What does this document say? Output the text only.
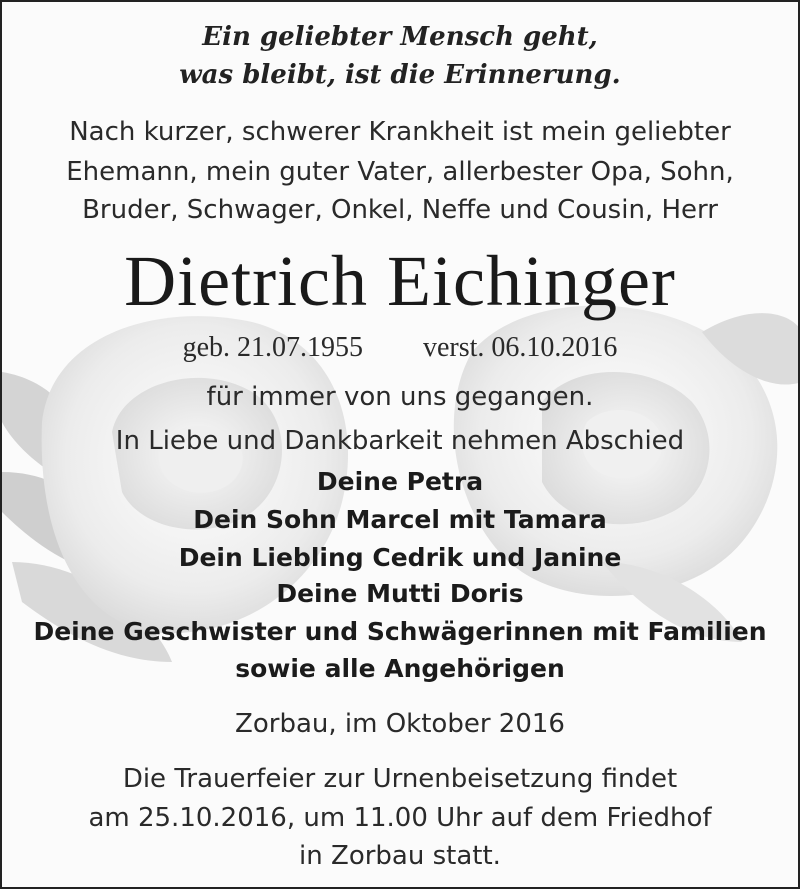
Ein geliebter Mensch geht,
was bleibt, ist die Erinnerung.
Nach kurzer, schwerer Krankheit ist mein geliebter
Ehemann, mein guter Vater, allerbester Opa, Sohn,
Bruder, Schwager, Onkel, Neffe und Cousin, Herr
Dietrich Eichinger
geb. 21.07.1955 verst. 06.10.2016
für immer von uns gegangen.
In Liebe und Dankbarkeit nehmen Abschied
Deine Petra
Dein Sohn Marcel mit Tamara
Dein Liebling Cedrik und Janine
Deine Mutti Doris
Deine Geschwister und Schwägerinnen mit Familien
sowie alle Angehörigen
Zorbau, im Oktober 2016
Die Trauerfeier zur Urnenbeisetzung findet
am 25.10.2016, um 11.00 Uhr auf dem Friedhof
in Zorbau statt.
